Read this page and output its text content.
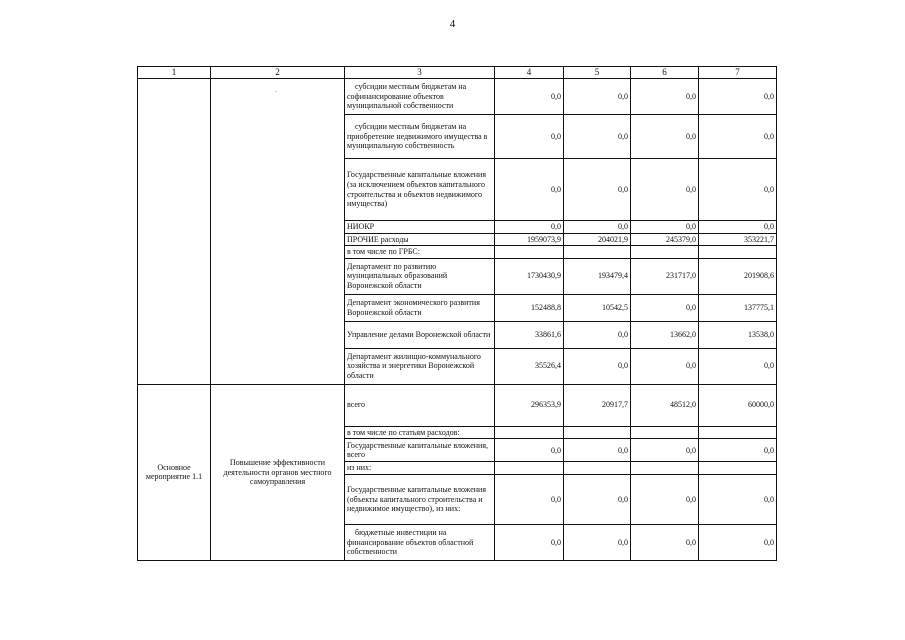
4
·
1	2	3	4	5	6	7
		субсидии местным бюджетам на софинансирование объектов муниципальной собственности	0,0	0,0	0,0	0,0
		субсидии местным бюджетам на приобретение недвижимого имущества в муниципальную собственность	0,0	0,0	0,0	0,0
		Государственные капитальные вложения (за исключением объектов капитального строительства и объектов недвижимого имущества)	0,0	0,0	0,0	0,0
		НИОКР	0,0	0,0	0,0	0,0
		ПРОЧИЕ расходы	1959073,9	204021,9	245379,0	353221,7
		в том числе по ГРБС:				
		Департамент по развитию муниципальных образований Воронежской области	1730430,9	193479,4	231717,0	201908,6
		Департамент экономического развития Воронежской области	152488,8	10542,5	0,0	137775,1
		Управление делами Воронежской области	33861,6	0,0	13662,0	13538,0
		Департамент жилищно-коммунального хозяйства и энергетики Воронежской области	35526,4	0,0	0,0	0,0
Основное мероприятие 1.1	Повышение эффективности деятельности органов местного самоуправления	всего	296353,9	20917,7	48512,0	60000,0
		в том числе по статьям расходов:				
		Государственные капитальные вложения, всего	0,0	0,0	0,0	0,0
		из них:				
		Государственные капитальные вложения (объекты капитального строительства и недвижимое имущество), из них:	0,0	0,0	0,0	0,0
		бюджетные инвестиции на финансирование объектов областной собственности	0,0	0,0	0,0	0,0
